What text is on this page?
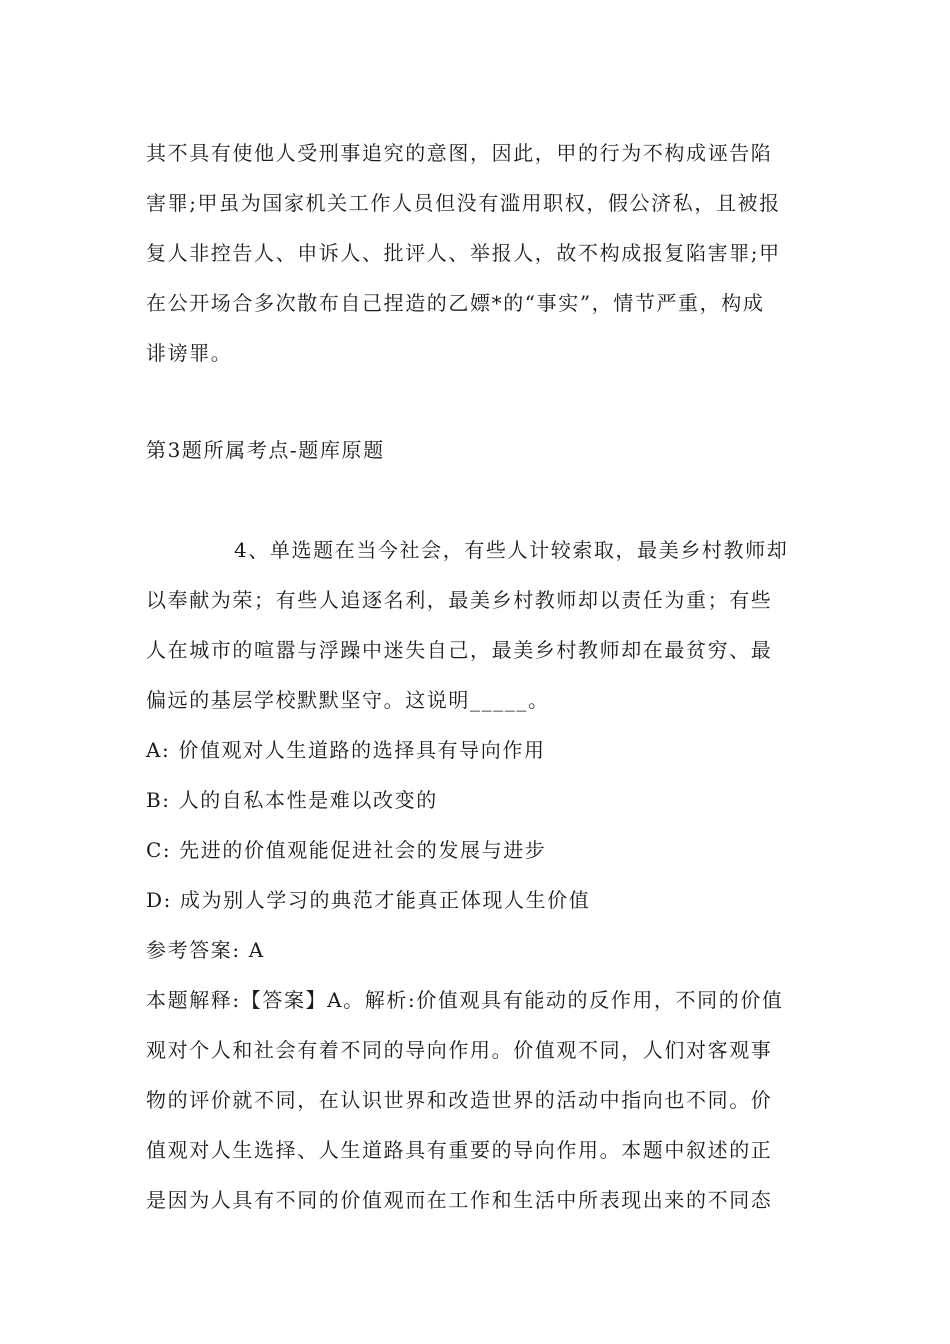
其不具有使他人受刑事追究的意图，因此，甲的行为不构成诬告陷

害罪;甲虽为国家机关工作人员但没有滥用职权，假公济私，且被报

复人非控告人、申诉人、批评人、举报人，故不构成报复陷害罪;甲

在公开场合多次散布自己捏造的乙嫖*的“事实”，情节严重，构成

诽谤罪。

第3题所属考点-题库原题

4、单选题在当今社会，有些人计较索取，最美乡村教师却

以奉献为荣；有些人追逐名利，最美乡村教师却以责任为重；有些

人在城市的喧嚣与浮躁中迷失自己，最美乡村教师却在最贫穷、最

偏远的基层学校默默坚守。这说明_____。

A: 价值观对人生道路的选择具有导向作用

B: 人的自私本性是难以改变的

C: 先进的价值观能促进社会的发展与进步

D: 成为别人学习的典范才能真正体现人生价值

参考答案: A

本题解释:【答案】A。解析:价值观具有能动的反作用，不同的价值

观对个人和社会有着不同的导向作用。价值观不同，人们对客观事

物的评价就不同，在认识世界和改造世界的活动中指向也不同。价

值观对人生选择、人生道路具有重要的导向作用。本题中叙述的正

是因为人具有不同的价值观而在工作和生活中所表现出来的不同态
